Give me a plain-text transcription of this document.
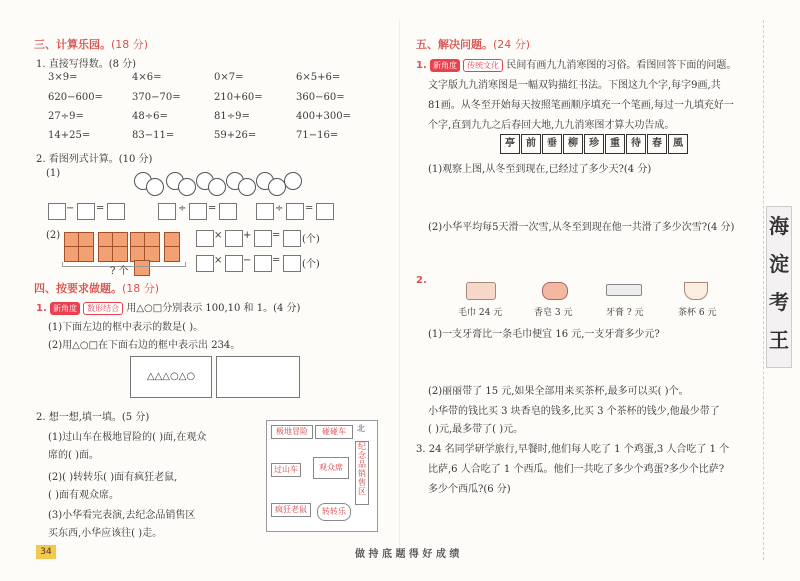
三、计算乐园。(18 分)
1. 直接写得数。(8 分)
3×9=	4×6=	0×7=	6×5+6=
620−600=	370−70=	210+60=	360−60=
27÷9=	48÷6=	81÷9=	400+300=
14+25=	83−11=	59+26=	71−16=
2. 看图列式计算。(10 分)
(1)
− =	÷ =	÷ =
(2)
? 个
× + = (个)
× − = (个)
四、按要求做题。(18 分)
1. 新角度 数形结合 用△○□分别表示 100,10 和 1。(4 分)
(1)下面左边的框中表示的数是( )。
(2)用△○□在下面右边的框中表示出 234。
△△△○△○
2. 想一想,填一填。(5 分)
(1)过山车在极地冒险的( )面,在观众
席的( )面。
(2)( )转转乐( )面有疯狂老鼠,
( )面有观众席。
(3)小华看完表演,去纪念品销售区
买东西,小华应该往( )走。
极地冒险	碰碰车	北
过山车	观众席
纪念品销售区
疯狂老鼠	转转乐
34
五、解决问题。(24 分)
1. 新角度 传统文化 民间有画九九消寒图的习俗。看图回答下面的问题。
文字版九九消寒图是一幅双钩描红书法。下图这九个字,每字9画,共
81画。从冬至开始每天按照笔画顺序填充一个笔画,每过一九填充好一
个字,直到九九之后春回大地,九九消寒图才算大功告成。
亭	前	垂	柳	珍	重	待	春	風
(1)观察上图,从冬至到现在,已经过了多少天?(4 分)
(2)小华平均每5天滑一次雪,从冬至到现在他一共滑了多少次雪?(4 分)
2.
毛巾 24 元	香皂 3 元	牙膏 ? 元	茶杯 6 元
(1)一支牙膏比一条毛巾便宜 16 元,一支牙膏多少元?
(2)丽丽带了 15 元,如果全部用来买茶杯,最多可以买( )个。
小华带的钱比买 3 块香皂的钱多,比买 3 个茶杯的钱少,他最少带了
( )元,最多带了( )元。
3. 24 名同学研学旅行,早餐时,他们每人吃了 1 个鸡蛋,3 人合吃了 1 个
比萨,6 人合吃了 1 个西瓜。他们一共吃了多少个鸡蛋?多少个比萨?
多少个西瓜?(6 分)
做 持 底 题 得 好 成 绩
海
淀
考
王
